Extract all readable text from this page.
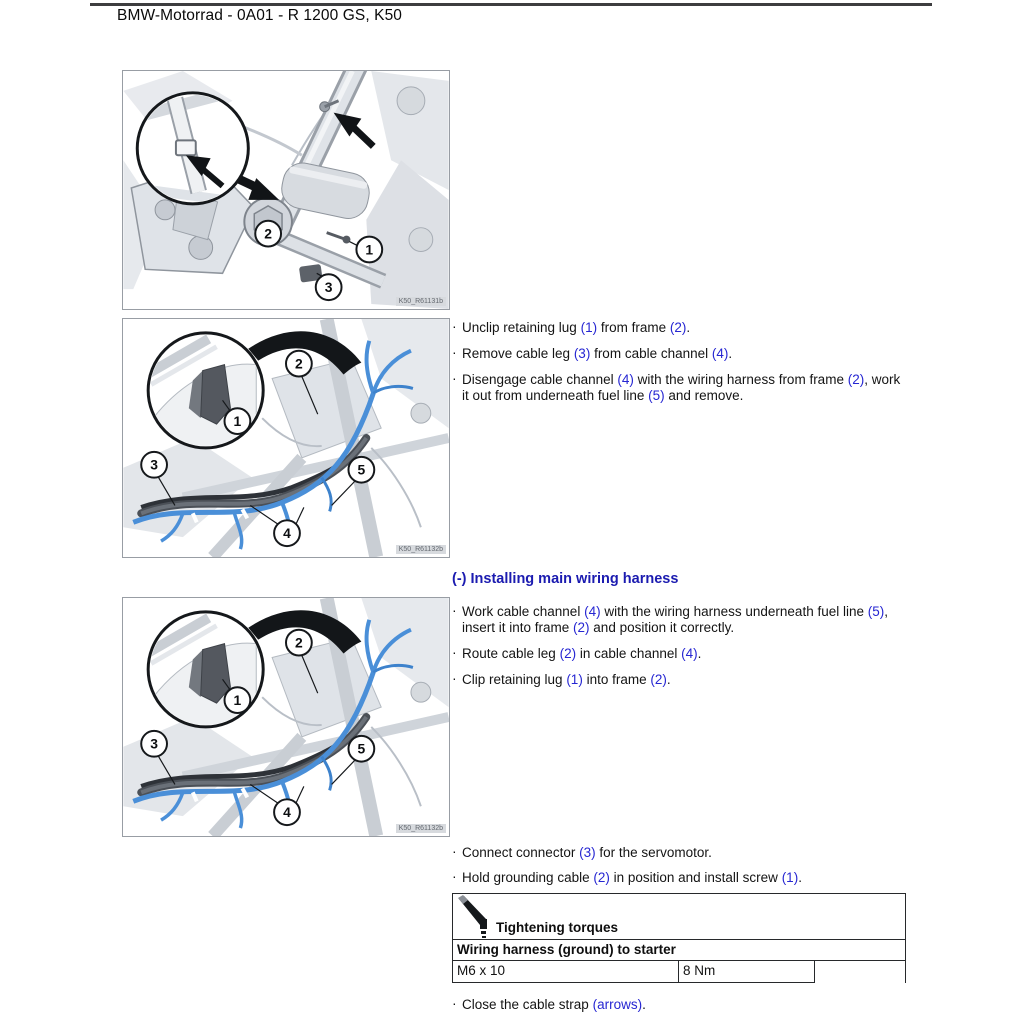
BMW-Motorrad - 0A01 - R 1200 GS, K50
2
1
3
K50_R61131b
1
2
3	5
4
K50_R61132b
1
2
3	5
4
K50_R61132b
· Unclip retaining lug (1) from frame (2).
· Remove cable leg (3) from cable channel (4).
· Disengage cable channel (4) with the wiring harness from frame (2), work it out from underneath fuel line (5) and remove.
(-) Installing main wiring harness
· Work cable channel (4) with the wiring harness underneath fuel line (5), insert it into frame (2) and position it correctly.
· Route cable leg (2) in cable channel (4).
· Clip retaining lug (1) into frame (2).
· Connect connector (3) for the servomotor.
· Hold grounding cable (2) in position and install screw (1).
Tightening torques
Wiring harness (ground) to starter
M6 x 10	8 Nm
· Close the cable strap (arrows).
